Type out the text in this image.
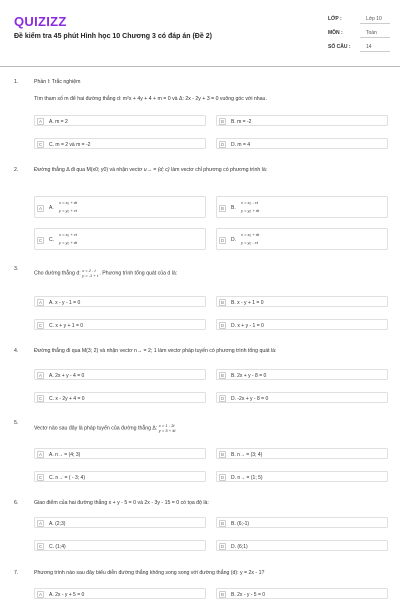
QUIZIZZ
Đề kiểm tra 45 phút Hình học 10 Chương 3 có đáp án (Đề 2)
LỚP :	Lớp 10
MÔN :	Toán
SỐ CÂU :	14
1.	Phần I: Trắc nghiệm
Tìm tham số m để hai đường thẳng d: m²x + 4y + 4 + m = 0 và Δ: 2x - 2y + 3 = 0 vuông góc với nhau.
A	A. m = 2	B	B. m = -2
C	C. m = 2 và m = -2	D	D. m = 4
2.	Đường thẳng Δ đi qua M(x0; y0) và nhận vectơ u→ = (d; c) làm vectơ chỉ phương có phương trình là:
A	A.
x = x₀ + dt
y = y₀ + ct	B	B.
x = x₀ - ct
y = y₀ + dt
C	C.
x = x₀ + ct
y = y₀ + dt	D	D.
x = x₀ + dt
y = y₀ - ct
3.
Cho đường thẳng d: x = 2 - t
y = -1 + t . Phương trình tổng quát của d là:
A	A. x - y - 1 = 0	B	B. x - y + 1 = 0
C	C. x + y + 1 = 0	D	D. x + y - 1 = 0
4.	Đường thẳng đi qua M(3; 2) và nhận vectơ n→ = 2; 1 làm vectơ pháp tuyến có phương trình tổng quát là:
A	A. 2x + y - 4 = 0	B	B. 2x + y - 8 = 0
C	C. x - 2y + 4 = 0	D	D. -2x + y - 8 = 0
5.
Vectơ nào sau đây là pháp tuyến của đường thẳng Δ: x = 1 - 3t
y = 5 + 4t
A	A. n→ = (4; 3)	B	B. n→ = (3; 4)
C	C. n→ = ( - 3; 4)	D	D. n→ = (1; 5)
6.	Giao điểm của hai đường thẳng x + y - 5 = 0 và 2x - 3y - 15 = 0 có tọa độ là:
A	A. (2;3)	B	B. (6;-1)
C	C. (1;4)	D	D. (6;1)
7.	Phương trình nào sau đây biểu diễn đường thẳng không song song với đường thẳng (d): y = 2x - 1?
A	A. 2x - y + 5 = 0	B	B. 2x - y - 5 = 0
